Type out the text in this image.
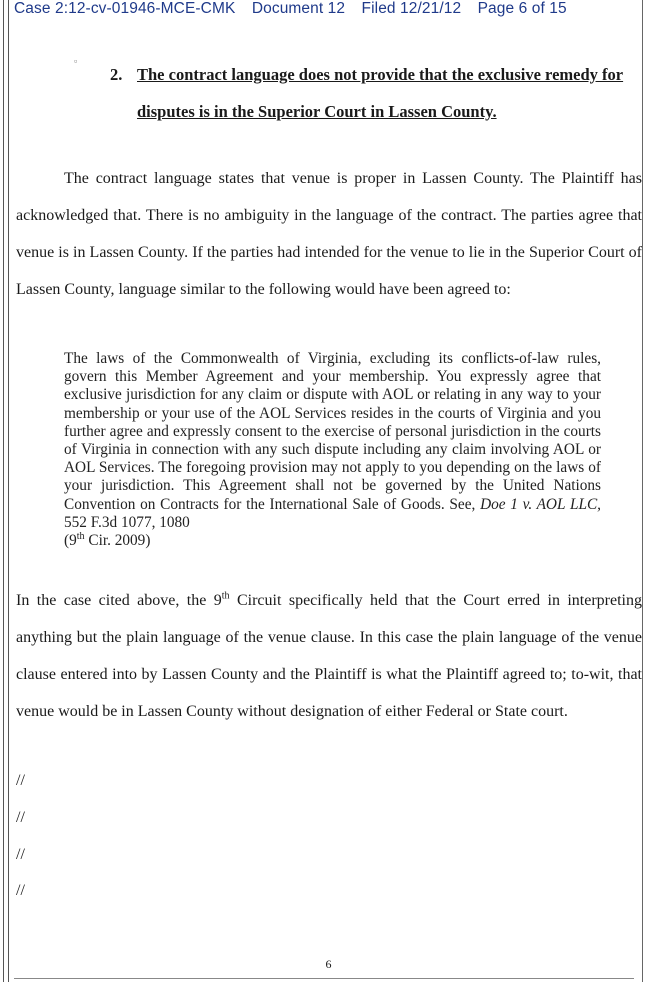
Case 2:12-cv-01946-MCE-CMK Document 12 Filed 12/21/12 Page 6 of 15
▫
2. The contract language does not provide that the exclusive remedy for disputes is in the Superior Court in Lassen County.
The contract language states that venue is proper in Lassen County. The Plaintiff has acknowledged that. There is no ambiguity in the language of the contract. The parties agree that venue is in Lassen County. If the parties had intended for the venue to lie in the Superior Court of Lassen County, language similar to the following would have been agreed to:
The laws of the Commonwealth of Virginia, excluding its conflicts-of-law rules, govern this Member Agreement and your membership. You expressly agree that exclusive jurisdiction for any claim or dispute with AOL or relating in any way to your membership or your use of the AOL Services resides in the courts of Virginia and you further agree and expressly consent to the exercise of personal jurisdiction in the courts of Virginia in connection with any such dispute including any claim involving AOL or AOL Services. The foregoing provision may not apply to you depending on the laws of your jurisdiction. This Agreement shall not be governed by the United Nations Convention on Contracts for the International Sale of Goods. See, Doe 1 v. AOL LLC, 552 F.3d 1077, 1080
(9th Cir. 2009)
In the case cited above, the 9th Circuit specifically held that the Court erred in interpreting anything but the plain language of the venue clause. In this case the plain language of the venue clause entered into by Lassen County and the Plaintiff is what the Plaintiff agreed to; to-wit, that venue would be in Lassen County without designation of either Federal or State court.
//
//
//
//
6
